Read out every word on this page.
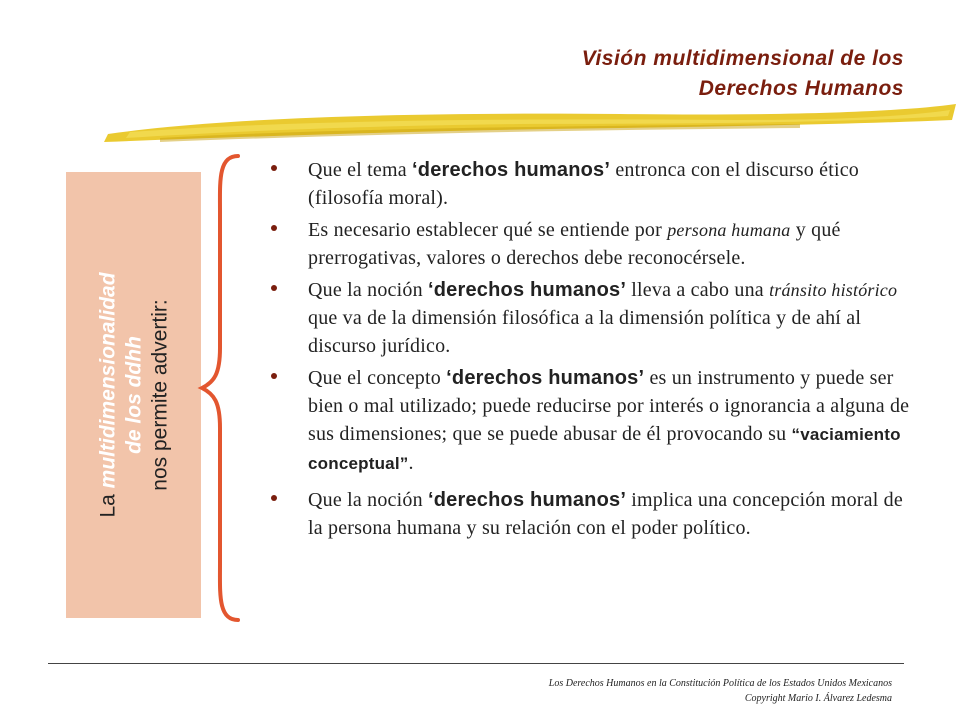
Visión multidimensional de los
Derechos Humanos
La multidimensionalidad de los ddhh nos permite advertir:
Que el tema ‘derechos humanos’ entronca con el discurso ético (filosofía moral).
Es necesario establecer qué se entiende por persona humana y qué prerrogativas, valores o derechos debe reconocérsele.
Que la noción ‘derechos humanos’ lleva a cabo una tránsito histórico que va de la dimensión filosófica a la dimensión política y de ahí al discurso jurídico.
Que el concepto ‘derechos humanos’ es un instrumento y puede ser bien o mal utilizado; puede reducirse por interés o ignorancia a alguna de sus dimensiones; que se puede abusar de él provocando su “vaciamiento conceptual”.
Que la noción ‘derechos humanos’ implica una concepción moral de la persona humana y su relación con el poder político.
Los Derechos Humanos en la Constitución Política de los Estados Unidos Mexicanos
Copyright Mario I. Álvarez Ledesma
